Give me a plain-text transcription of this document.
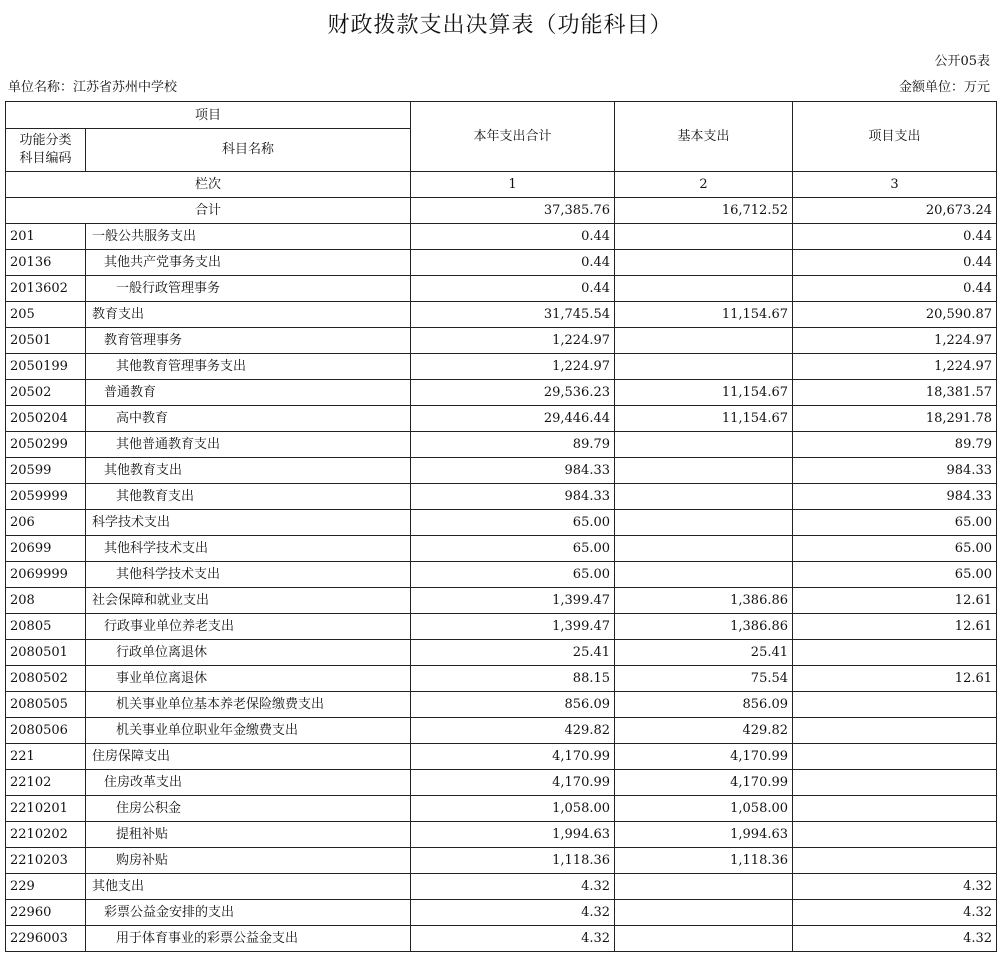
财政拨款支出决算表（功能科目）
公开05表
单位名称：江苏省苏州中学校	金额单位：万元
项目		本年支出合计	基本支出	项目支出

功能分类
科目编码	科目名称			
栏次		1	2	3
合计		37,385.76	16,712.52	20,673.24
201	一般公共服务支出	0.44		0.44
20136	其他共产党事务支出	0.44		0.44
2013602	一般行政管理事务	0.44		0.44
205	教育支出	31,745.54	11,154.67	20,590.87
20501	教育管理事务	1,224.97		1,224.97
2050199	其他教育管理事务支出	1,224.97		1,224.97
20502	普通教育	29,536.23	11,154.67	18,381.57
2050204	高中教育	29,446.44	11,154.67	18,291.78
2050299	其他普通教育支出	89.79		89.79
20599	其他教育支出	984.33		984.33
2059999	其他教育支出	984.33		984.33
206	科学技术支出	65.00		65.00
20699	其他科学技术支出	65.00		65.00
2069999	其他科学技术支出	65.00		65.00
208	社会保障和就业支出	1,399.47	1,386.86	12.61
20805	行政事业单位养老支出	1,399.47	1,386.86	12.61
2080501	行政单位离退休	25.41	25.41	
2080502	事业单位离退休	88.15	75.54	12.61
2080505	机关事业单位基本养老保险缴费支出	856.09	856.09	
2080506	机关事业单位职业年金缴费支出	429.82	429.82	
221	住房保障支出	4,170.99	4,170.99	
22102	住房改革支出	4,170.99	4,170.99	
2210201	住房公积金	1,058.00	1,058.00	
2210202	提租补贴	1,994.63	1,994.63	
2210203	购房补贴	1,118.36	1,118.36	
229	其他支出	4.32		4.32
22960	彩票公益金安排的支出	4.32		4.32
2296003	用于体育事业的彩票公益金支出	4.32		4.32
